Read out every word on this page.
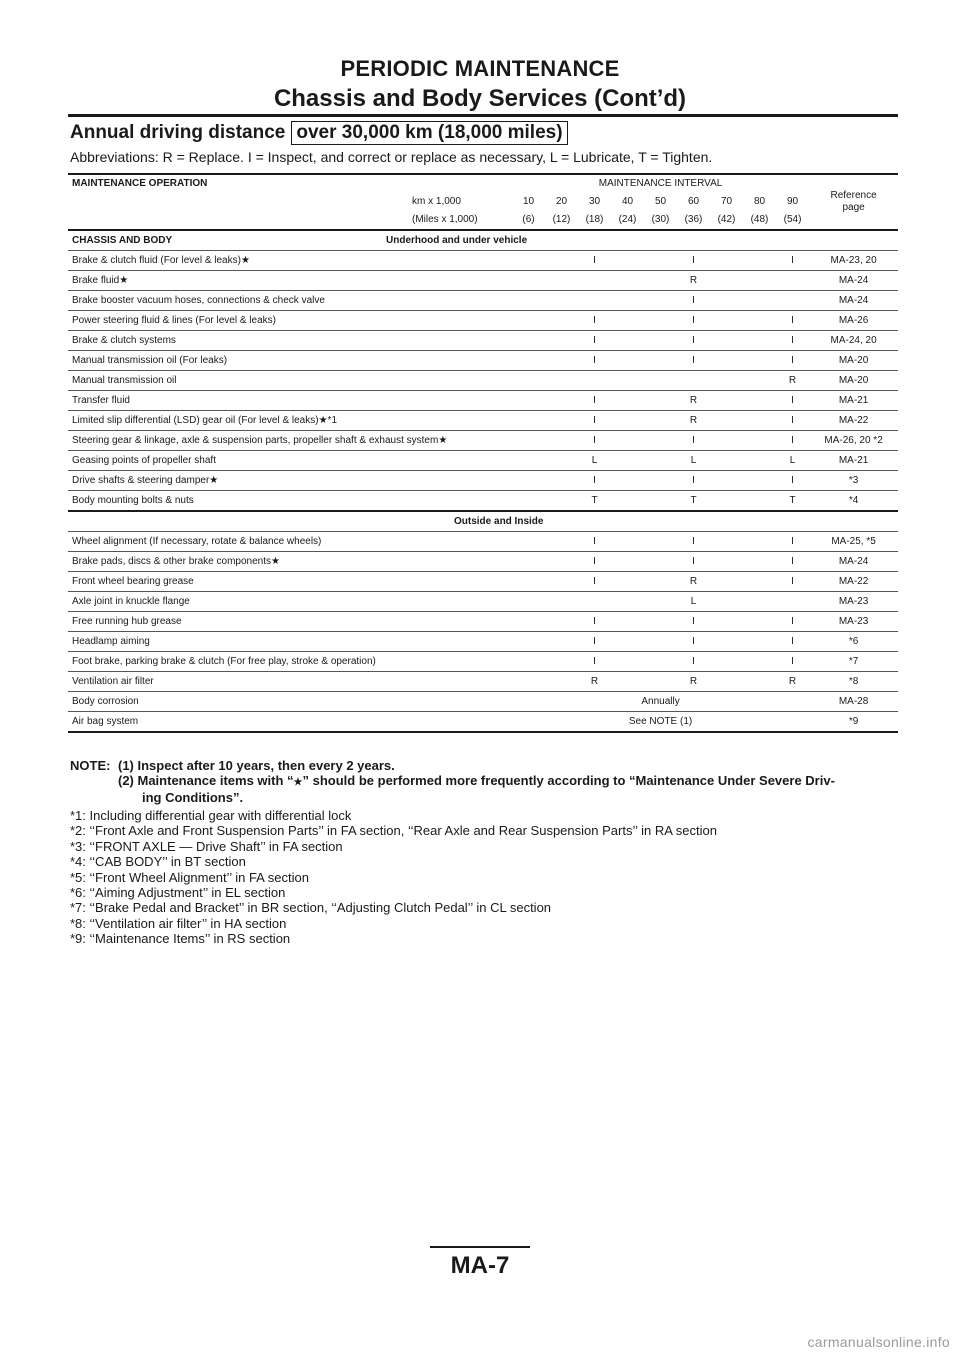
PERIODIC MAINTENANCE
Chassis and Body Services (Cont’d)
Annual driving distance over 30,000 km (18,000 miles)
Abbreviations: R = Replace. I = Inspect, and correct or replace as necessary, L = Lubricate, T = Tighten.
MAINTENANCE OPERATION	MAINTENANCE INTERVAL									Reference
page

km x 1,000	10	20	30	40	50	60	70	80	90	
(Miles x 1,000)	(6)	(12)	(18)	(24)	(30)	(36)	(42)	(48)	(54)	
CHASSIS AND BODY Underhood and under vehicle										

Brake & clutch fluid (For level & leaks)★			I			I			I	MA-23, 20
Brake fluid★						R				MA-24
Brake booster vacuum hoses, connections & check valve						I				MA-24
Power steering fluid & lines (For level & leaks)			I			I			I	MA-26
Brake & clutch systems			I			I			I	MA-24, 20
Manual transmission oil (For leaks)			I			I			I	MA-20
Manual transmission oil									R	MA-20
Transfer fluid			I			R			I	MA-21
Limited slip differential (LSD) gear oil (For level & leaks)★*1			I			R			I	MA-22
Steering gear & linkage, axle & suspension parts, propeller shaft & exhaust system★			I			I			I	MA-26, 20 *2
Geasing points of propeller shaft			L			L			L	MA-21
Drive shafts & steering damper★			I			I			I	*3
Body mounting bolts & nuts			T			T			T	*4
Outside and Inside										
Wheel alignment (If necessary, rotate & balance wheels)			I			I			I	MA-25, *5
Brake pads, discs & other brake components★			I			I			I	MA-24
Front wheel bearing grease			I			R			I	MA-22
Axle joint in knuckle flange						L				MA-23
Free running hub grease			I			I			I	MA-23
Headlamp aiming			I			I			I	*6
Foot brake, parking brake & clutch (For free play, stroke & operation)			I			I			I	*7
Ventilation air filter			R			R			R	*8
Body corrosion	Annually									MA-28
Air bag system	See NOTE (1)									*9
NOTE: (1) Inspect after 10 years, then every 2 years.
(2) Maintenance items with “★” should be performed more frequently according to “Maintenance Under Severe Driv-
ing Conditions”.
*1: Including differential gear with differential lock
*2: ‘‘Front Axle and Front Suspension Parts’’ in FA section, ‘‘Rear Axle and Rear Suspension Parts’’ in RA section
*3: ‘‘FRONT AXLE — Drive Shaft’’ in FA section
*4: ‘‘CAB BODY’’ in BT section
*5: ‘‘Front Wheel Alignment’’ in FA section
*6: ‘‘Aiming Adjustment’’ in EL section
*7: ‘‘Brake Pedal and Bracket’’ in BR section, ‘‘Adjusting Clutch Pedal’’ in CL section
*8: ‘‘Ventilation air filter’’ in HA section
*9: ‘‘Maintenance Items’’ in RS section
MA-7
carmanualsonline.info
